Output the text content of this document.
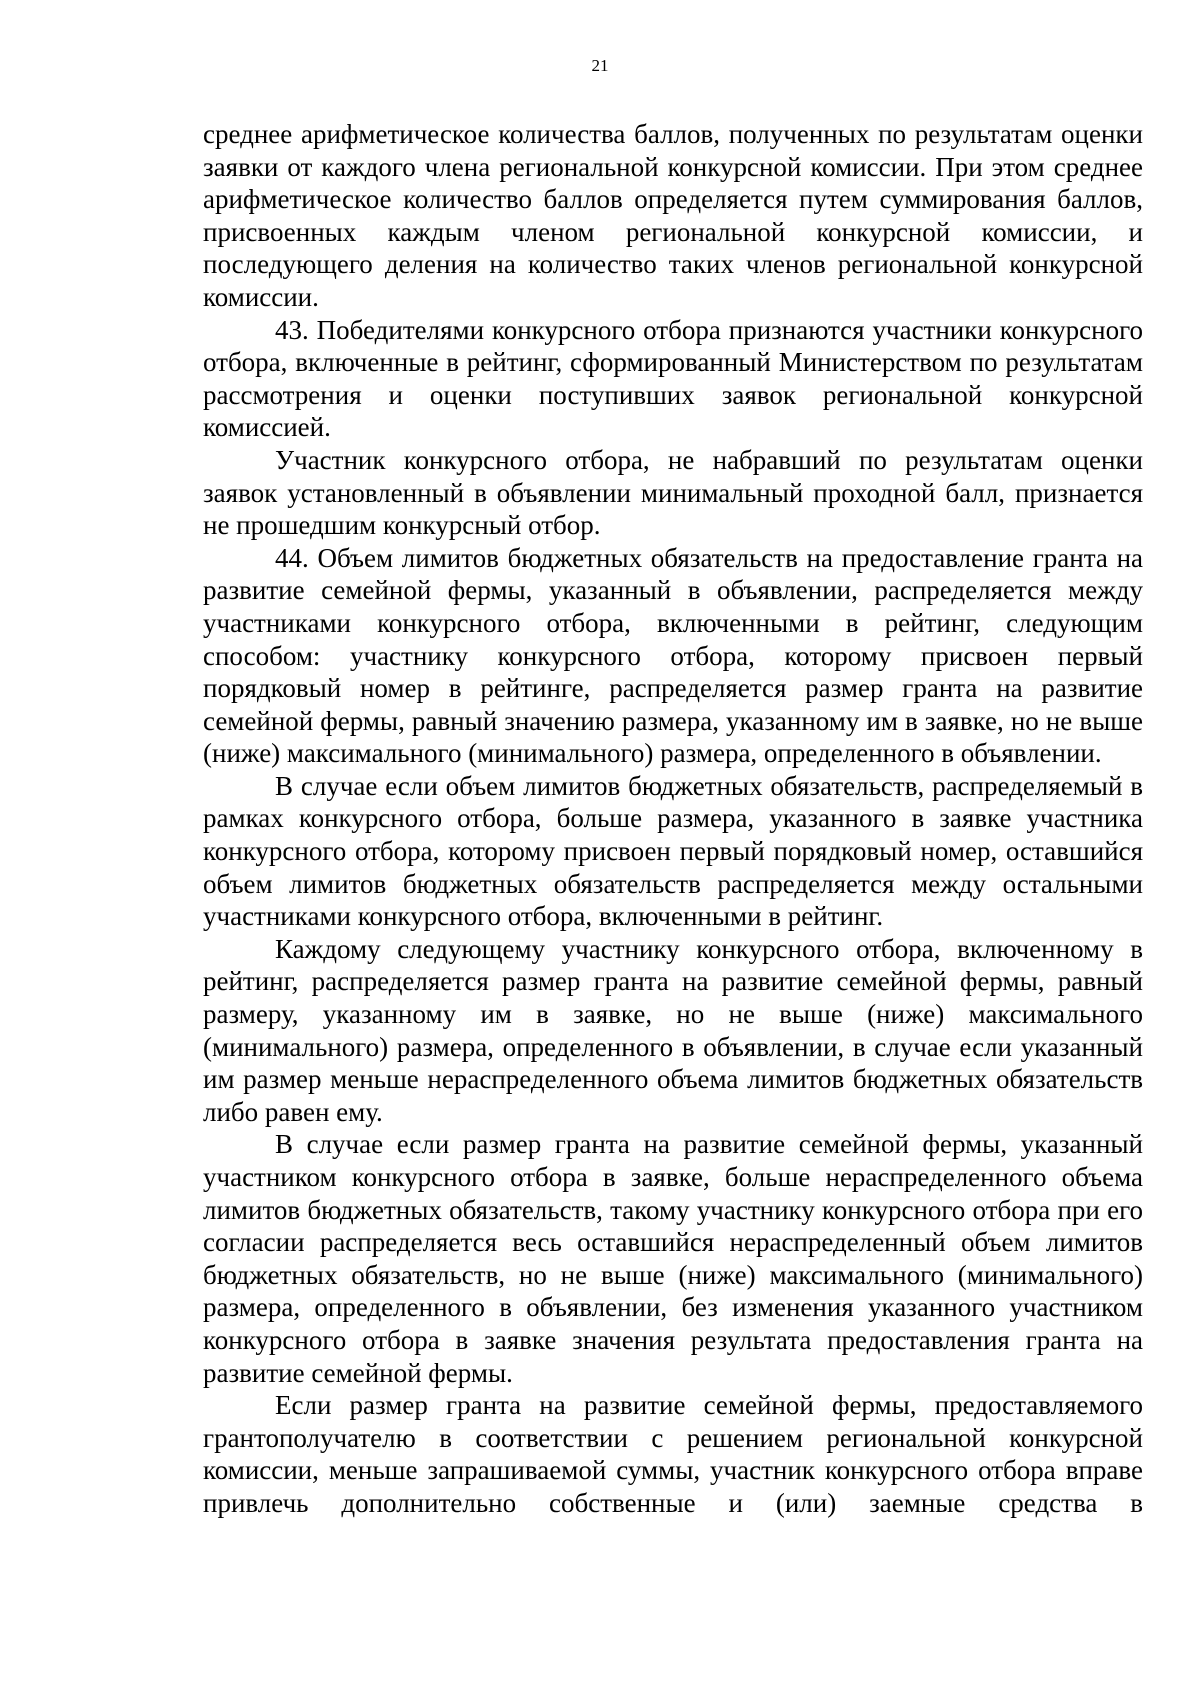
21

среднее арифметическое количества баллов, полученных по результатам оценки заявки от каждого члена региональной конкурсной комиссии. При этом среднее арифметическое количество баллов определяется путем суммирования баллов, присвоенных каждым членом региональной конкурсной комиссии, и последующего деления на количество таких членов региональной конкурсной комиссии.

43. Победителями конкурсного отбора признаются участники конкурсного отбора, включенные в рейтинг, сформированный Министерством по результатам рассмотрения и оценки поступивших заявок региональной конкурсной комиссией.

Участник конкурсного отбора, не набравший по результатам оценки заявок установленный в объявлении минимальный проходной балл, признается не прошедшим конкурсный отбор.

44. Объем лимитов бюджетных обязательств на предоставление гранта на развитие семейной фермы, указанный в объявлении, распределяется между участниками конкурсного отбора, включенными в рейтинг, следующим способом: участнику конкурсного отбора, которому присвоен первый порядковый номер в рейтинге, распределяется размер гранта на развитие семейной фермы, равный значению размера, указанному им в заявке, но не выше (ниже) максимального (минимального) размера, определенного в объявлении.

В случае если объем лимитов бюджетных обязательств, распределяемый в рамках конкурсного отбора, больше размера, указанного в заявке участника конкурсного отбора, которому присвоен первый порядковый номер, оставшийся объем лимитов бюджетных обязательств распределяется между остальными участниками конкурсного отбора, включенными в рейтинг.

Каждому следующему участнику конкурсного отбора, включенному в рейтинг, распределяется размер гранта на развитие семейной фермы, равный размеру, указанному им в заявке, но не выше (ниже) максимального (минимального) размера, определенного в объявлении, в случае если указанный им размер меньше нераспределенного объема лимитов бюджетных обязательств либо равен ему.

В случае если размер гранта на развитие семейной фермы, указанный участником конкурсного отбора в заявке, больше нераспределенного объема лимитов бюджетных обязательств, такому участнику конкурсного отбора при его согласии распределяется весь оставшийся нераспределенный объем лимитов бюджетных обязательств, но не выше (ниже) максимального (минимального) размера, определенного в объявлении, без изменения указанного участником конкурсного отбора в заявке значения результата предоставления гранта на развитие семейной фермы.

Если размер гранта на развитие семейной фермы, предоставляемого грантополучателю в соответствии с решением региональной конкурсной комиссии, меньше запрашиваемой суммы, участник конкурсного отбора вправе привлечь дополнительно собственные и (или) заемные средства в
